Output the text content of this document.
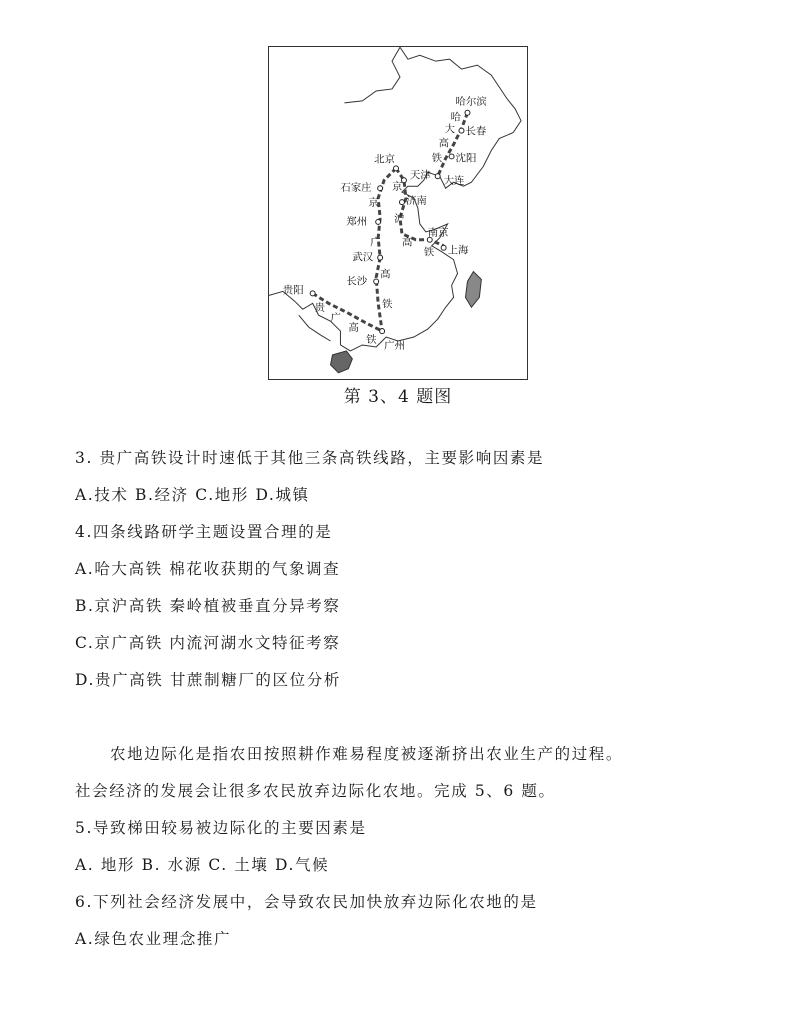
哈尔滨
长春
沈阳
大连
北京
天津
石家庄
济南
郑州
南京
上海
武汉
长沙
贵阳
广州
哈
大
高
铁
京
沪
高
铁
京
广
高
铁
贵
广
高
铁
第 3、4 题图
3. 贵广高铁设计时速低于其他三条高铁线路，主要影响因素是
A.技术 B.经济 C.地形 D.城镇
4.四条线路研学主题设置合理的是
A.哈大高铁 棉花收获期的气象调查
B.京沪高铁 秦岭植被垂直分异考察
C.京广高铁 内流河湖水文特征考察
D.贵广高铁 甘蔗制糖厂的区位分析
农地边际化是指农田按照耕作难易程度被逐渐挤出农业生产的过程。
社会经济的发展会让很多农民放弃边际化农地。完成 5、6 题。
5.导致梯田较易被边际化的主要因素是
A. 地形 B. 水源 C. 土壤 D.气候
6.下列社会经济发展中，会导致农民加快放弃边际化农地的是
A.绿色农业理念推广
